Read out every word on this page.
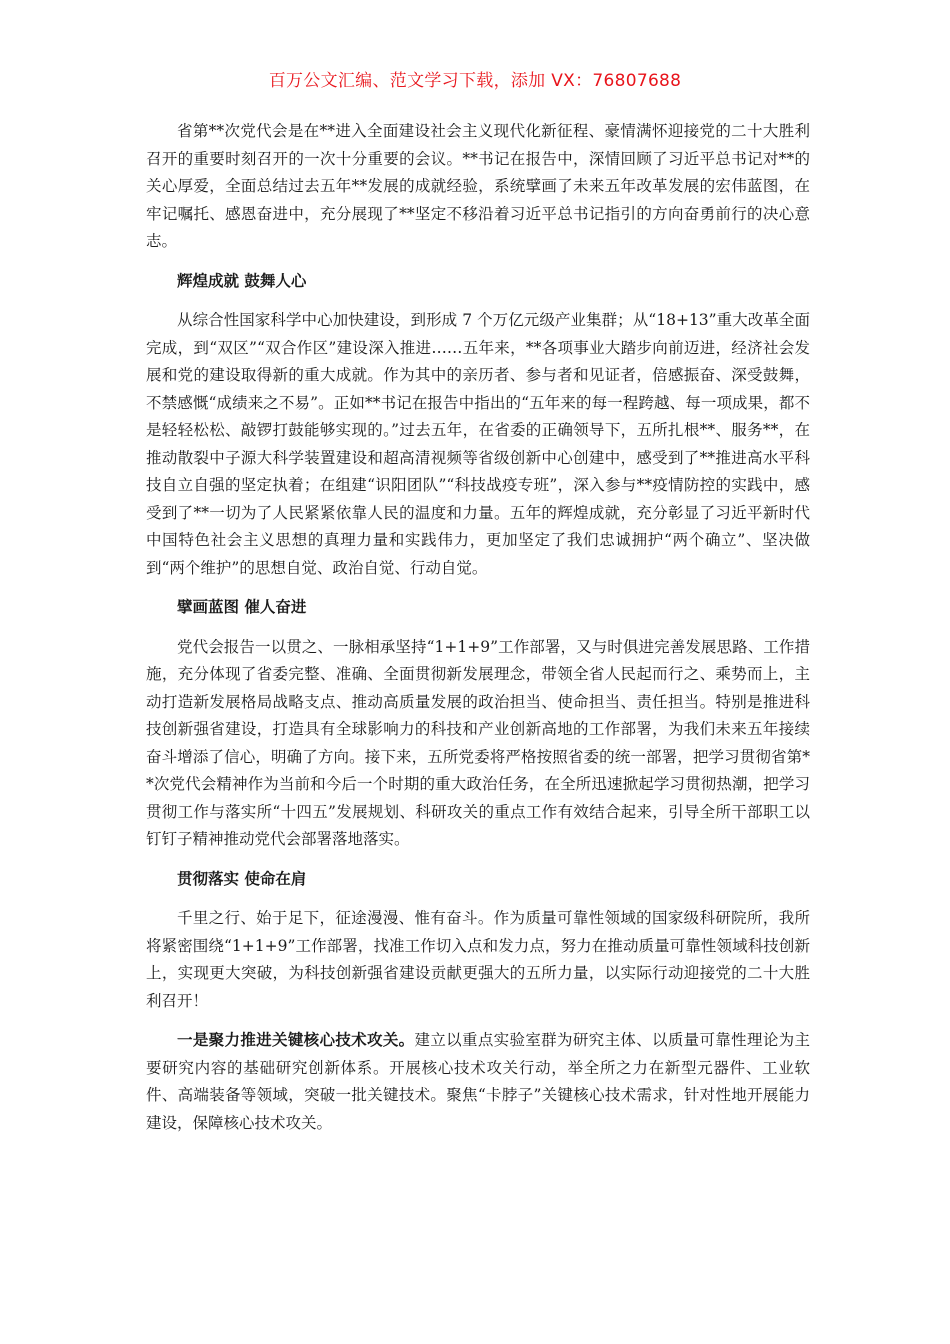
百万公文汇编、范文学习下载，添加 VX：76807688

省第**次党代会是在**进入全面建设社会主义现代化新征程、豪情满怀迎接党的二十大胜利召开的重要时刻召开的一次十分重要的会议。**书记在报告中，深情回顾了习近平总书记对**的关心厚爱，全面总结过去五年**发展的成就经验，系统擘画了未来五年改革发展的宏伟蓝图，在牢记嘱托、感恩奋进中，充分展现了**坚定不移沿着习近平总书记指引的方向奋勇前行的决心意志。

辉煌成就 鼓舞人心

从综合性国家科学中心加快建设，到形成 7 个万亿元级产业集群；从“18+13”重大改革全面完成，到“双区”“双合作区”建设深入推进……五年来，**各项事业大踏步向前迈进，经济社会发展和党的建设取得新的重大成就。作为其中的亲历者、参与者和见证者，倍感振奋、深受鼓舞，不禁感慨“成绩来之不易”。正如**书记在报告中指出的“五年来的每一程跨越、每一项成果，都不是轻轻松松、敲锣打鼓能够实现的。”过去五年，在省委的正确领导下，五所扎根**、服务**，在推动散裂中子源大科学装置建设和超高清视频等省级创新中心创建中，感受到了**推进高水平科技自立自强的坚定执着；在组建“识阳团队”“科技战疫专班”，深入参与**疫情防控的实践中，感受到了**一切为了人民紧紧依靠人民的温度和力量。五年的辉煌成就，充分彰显了习近平新时代中国特色社会主义思想的真理力量和实践伟力，更加坚定了我们忠诚拥护“两个确立”、坚决做到“两个维护”的思想自觉、政治自觉、行动自觉。

擘画蓝图 催人奋进

党代会报告一以贯之、一脉相承坚持“1+1+9”工作部署，又与时俱进完善发展思路、工作措施，充分体现了省委完整、准确、全面贯彻新发展理念，带领全省人民起而行之、乘势而上，主动打造新发展格局战略支点、推动高质量发展的政治担当、使命担当、责任担当。特别是推进科技创新强省建设，打造具有全球影响力的科技和产业创新高地的工作部署，为我们未来五年接续奋斗增添了信心，明确了方向。接下来，五所党委将严格按照省委的统一部署，把学习贯彻省第**次党代会精神作为当前和今后一个时期的重大政治任务，在全所迅速掀起学习贯彻热潮，把学习贯彻工作与落实所“十四五”发展规划、科研攻关的重点工作有效结合起来，引导全所干部职工以钉钉子精神推动党代会部署落地落实。

贯彻落实 使命在肩

千里之行、始于足下，征途漫漫、惟有奋斗。作为质量可靠性领域的国家级科研院所，我所将紧密围绕“1+1+9”工作部署，找准工作切入点和发力点，努力在推动质量可靠性领域科技创新上，实现更大突破，为科技创新强省建设贡献更强大的五所力量，以实际行动迎接党的二十大胜利召开！

一是聚力推进关键核心技术攻关。建立以重点实验室群为研究主体、以质量可靠性理论为主要研究内容的基础研究创新体系。开展核心技术攻关行动，举全所之力在新型元器件、工业软件、高端装备等领域，突破一批关键技术。聚焦“卡脖子”关键核心技术需求，针对性地开展能力建设，保障核心技术攻关。
